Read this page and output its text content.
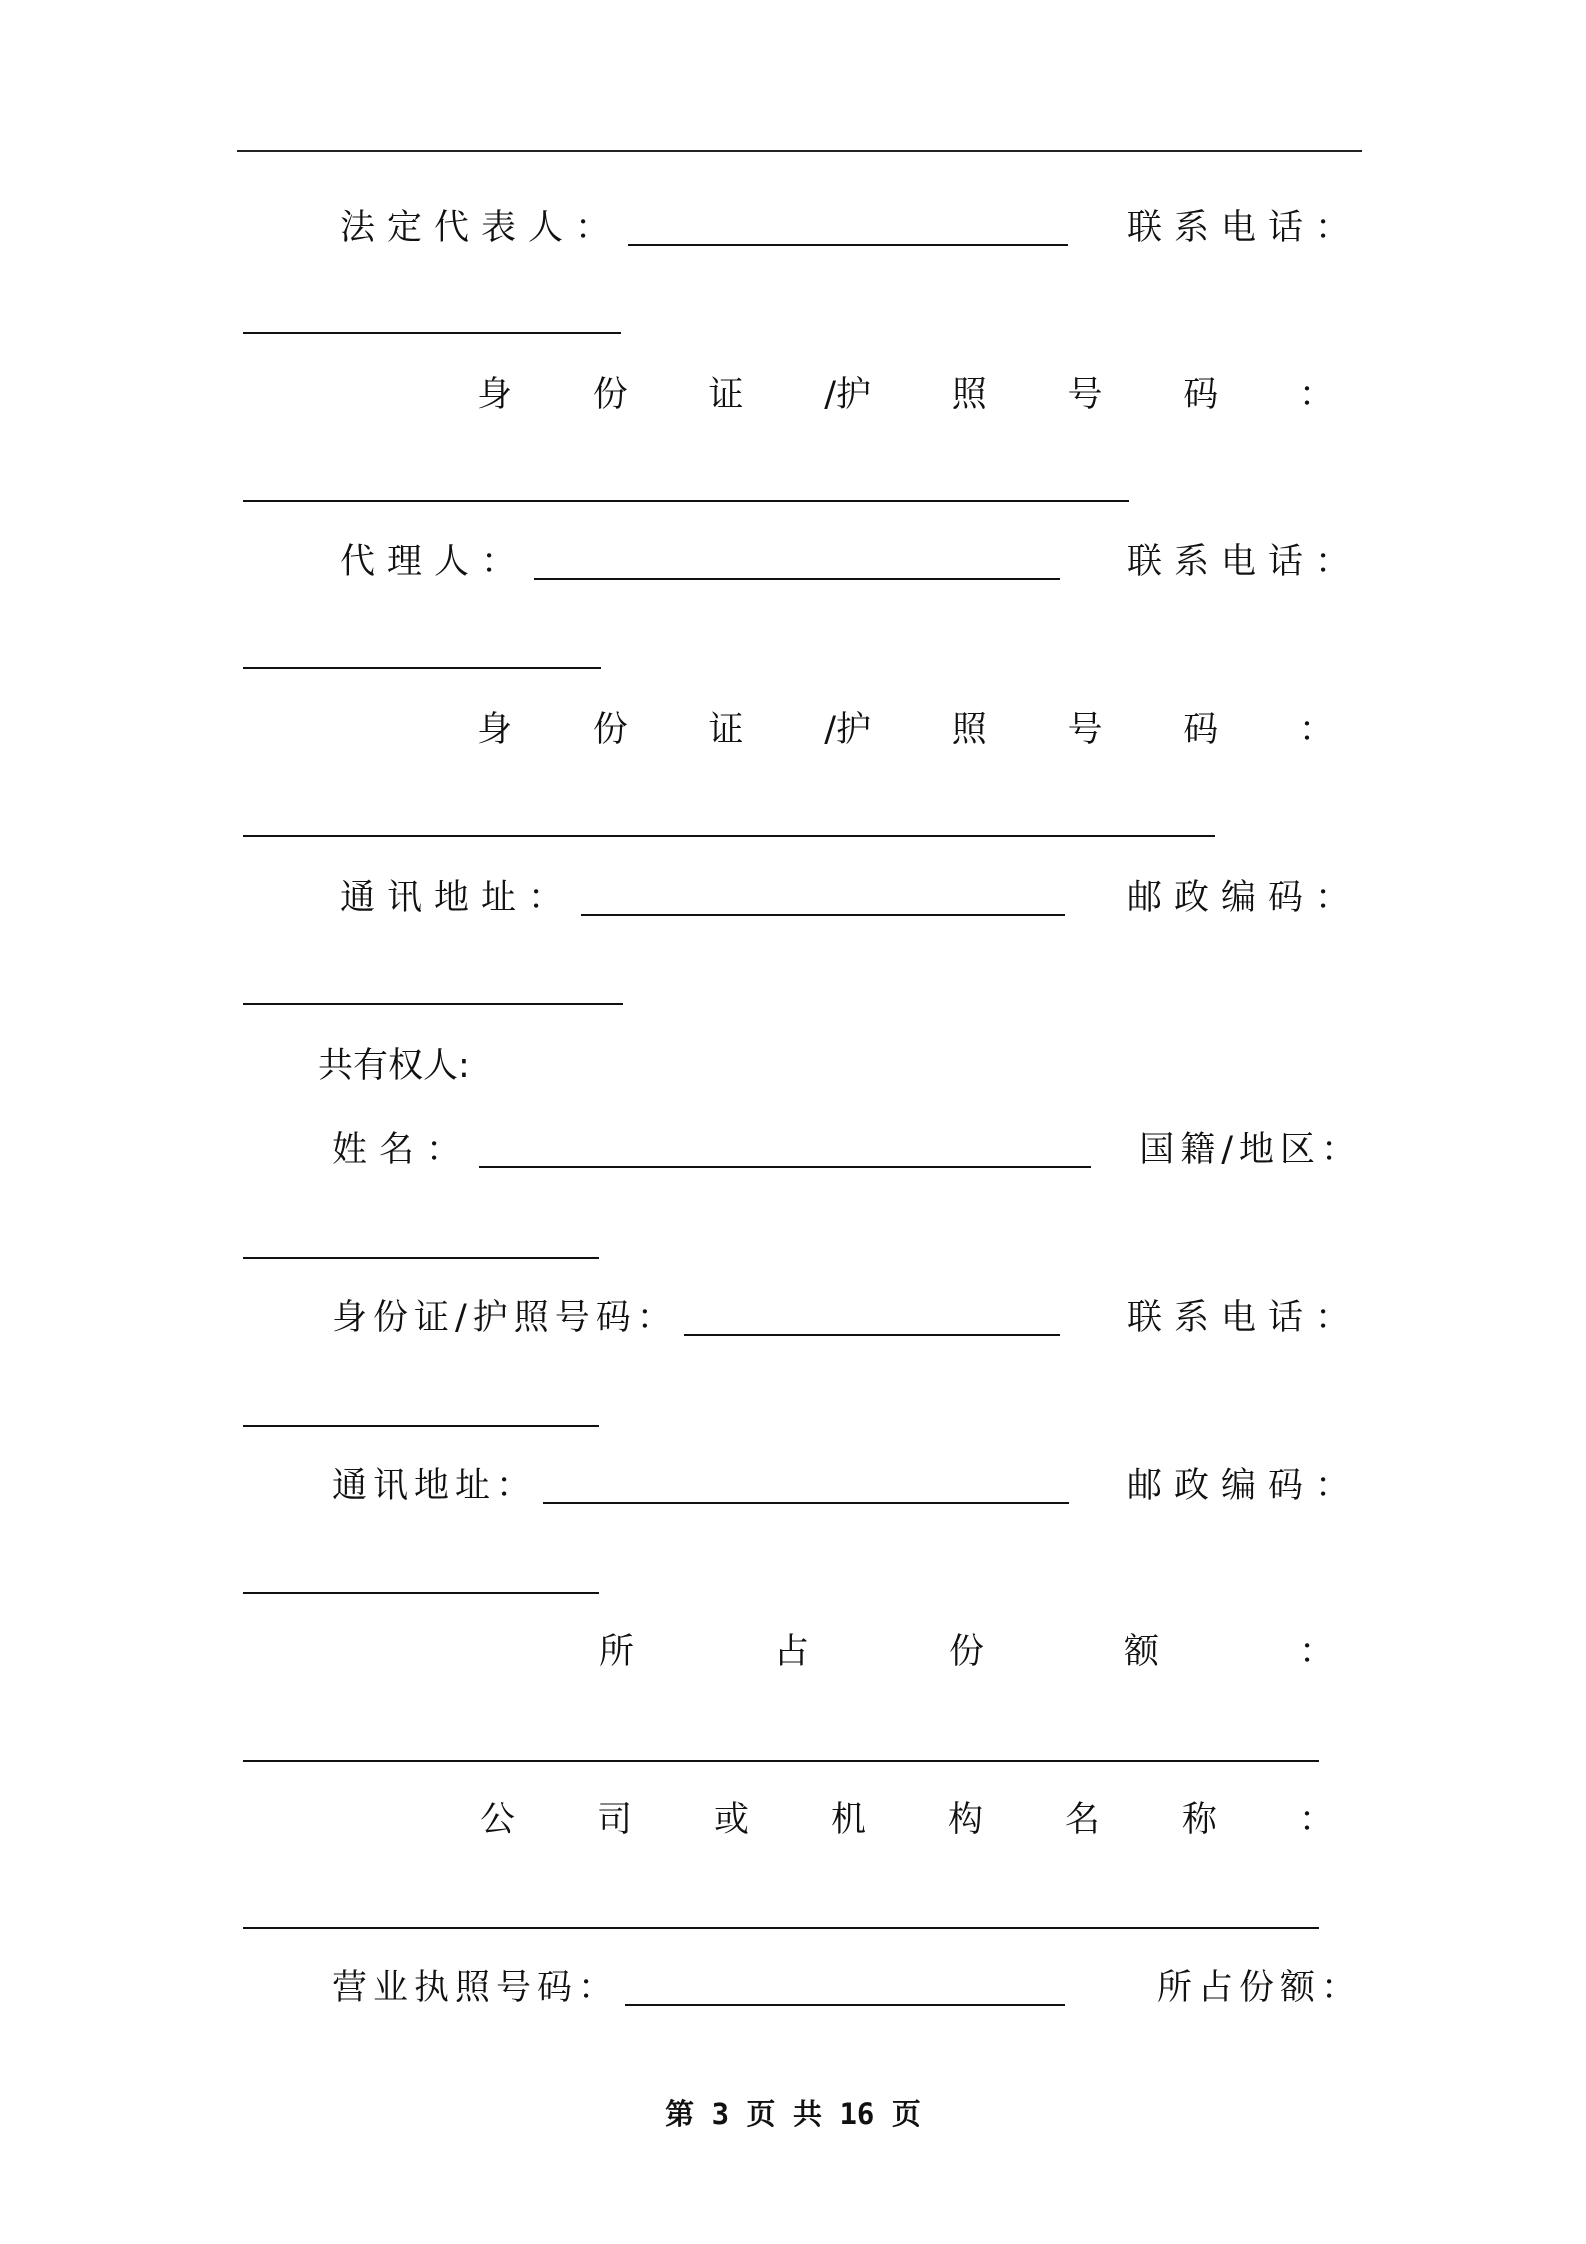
法定代表人：	联系电话：
身 份 证 /护 照 号 码 ：
代理人：	联系电话：
身 份 证 /护 照 号 码 ：
通讯地址：	邮政编码：
共有权人:
姓名：	国籍/地区：
身份证/护照号码：	联系电话：
通讯地址：	邮政编码：
所	占	份	额	：
公 司 或 机 构 名 称 ：
营业执照号码：	所占份额：
第 3 页 共 16 页
